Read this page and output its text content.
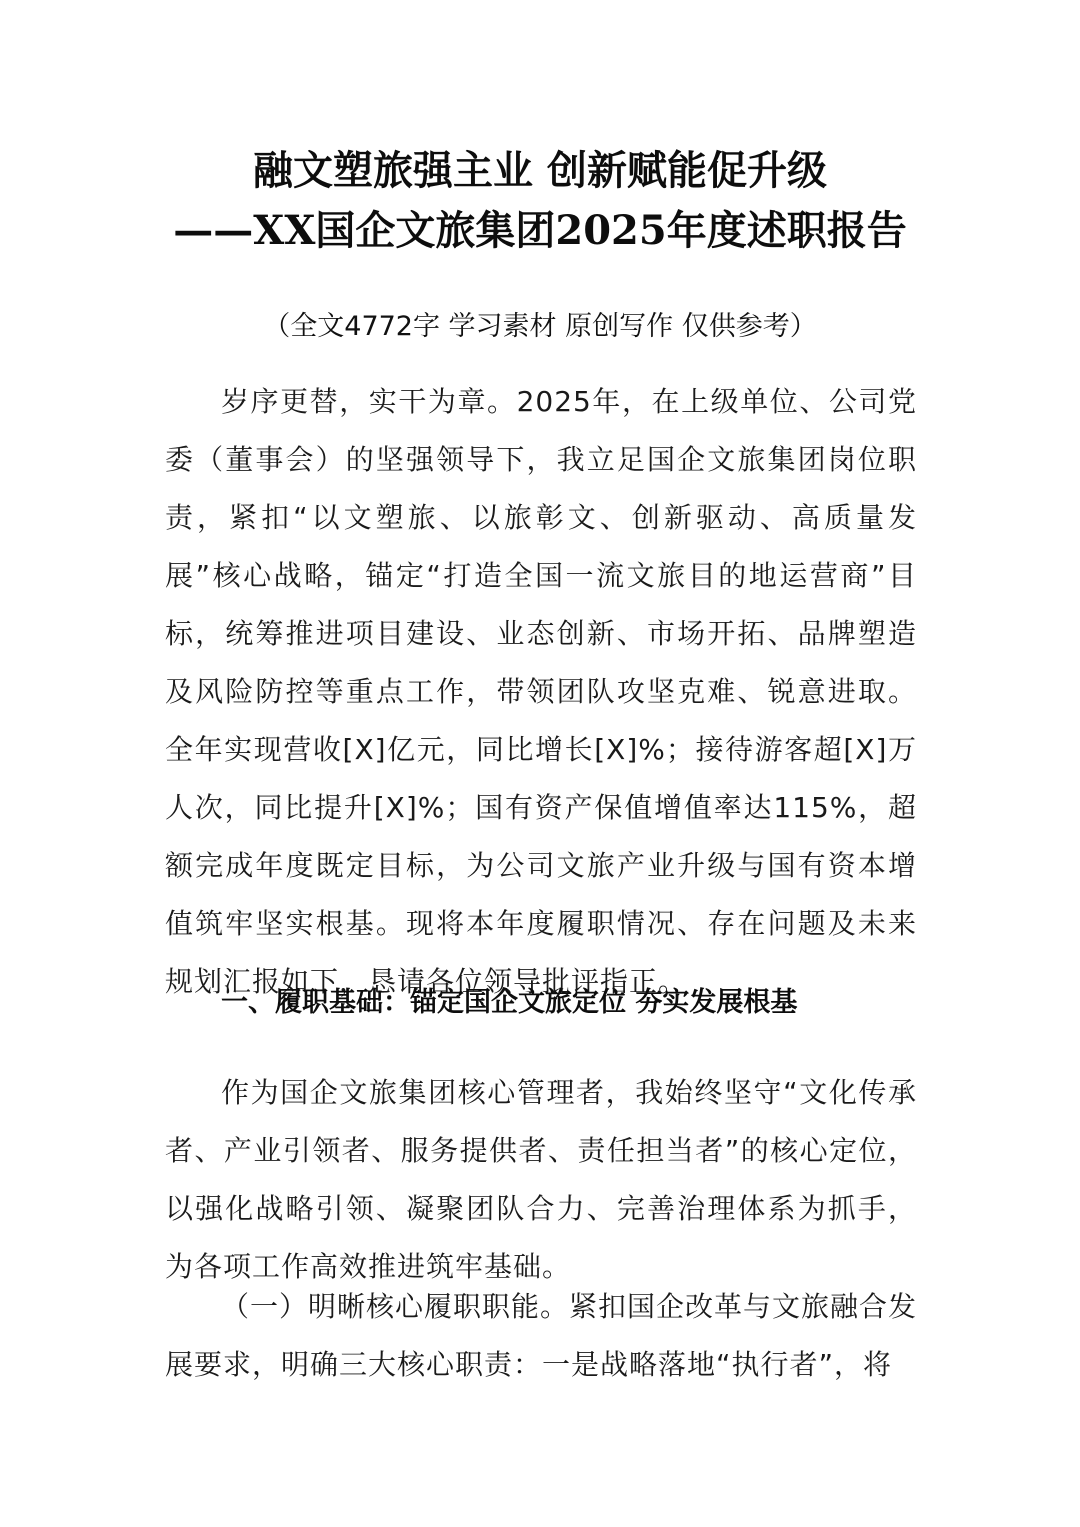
融文塑旅强主业 创新赋能促升级
——XX国企文旅集团2025年度述职报告
（全文4772字 学习素材 原创写作 仅供参考）

岁序更替，实干为章。2025年，在上级单位、公司党委（董事会）的坚强领导下，我立足国企文旅集团岗位职责，紧扣“以文塑旅、以旅彰文、创新驱动、高质量发展”核心战略，锚定“打造全国一流文旅目的地运营商”目标，统筹推进项目建设、业态创新、市场开拓、品牌塑造及风险防控等重点工作，带领团队攻坚克难、锐意进取。全年实现营收[X]亿元，同比增长[X]%；接待游客超[X]万人次，同比提升[X]%；国有资产保值增值率达115%，超额完成年度既定目标，为公司文旅产业升级与国有资本增值筑牢坚实根基。现将本年度履职情况、存在问题及未来规划汇报如下，恳请各位领导批评指正。

一、履职基础：锚定国企文旅定位 夯实发展根基

作为国企文旅集团核心管理者，我始终坚守“文化传承者、产业引领者、服务提供者、责任担当者”的核心定位，以强化战略引领、凝聚团队合力、完善治理体系为抓手，为各项工作高效推进筑牢基础。

（一）明晰核心履职职能。紧扣国企改革与文旅融合发展要求，明确三大核心职责：一是战略落地“执行者”，将
